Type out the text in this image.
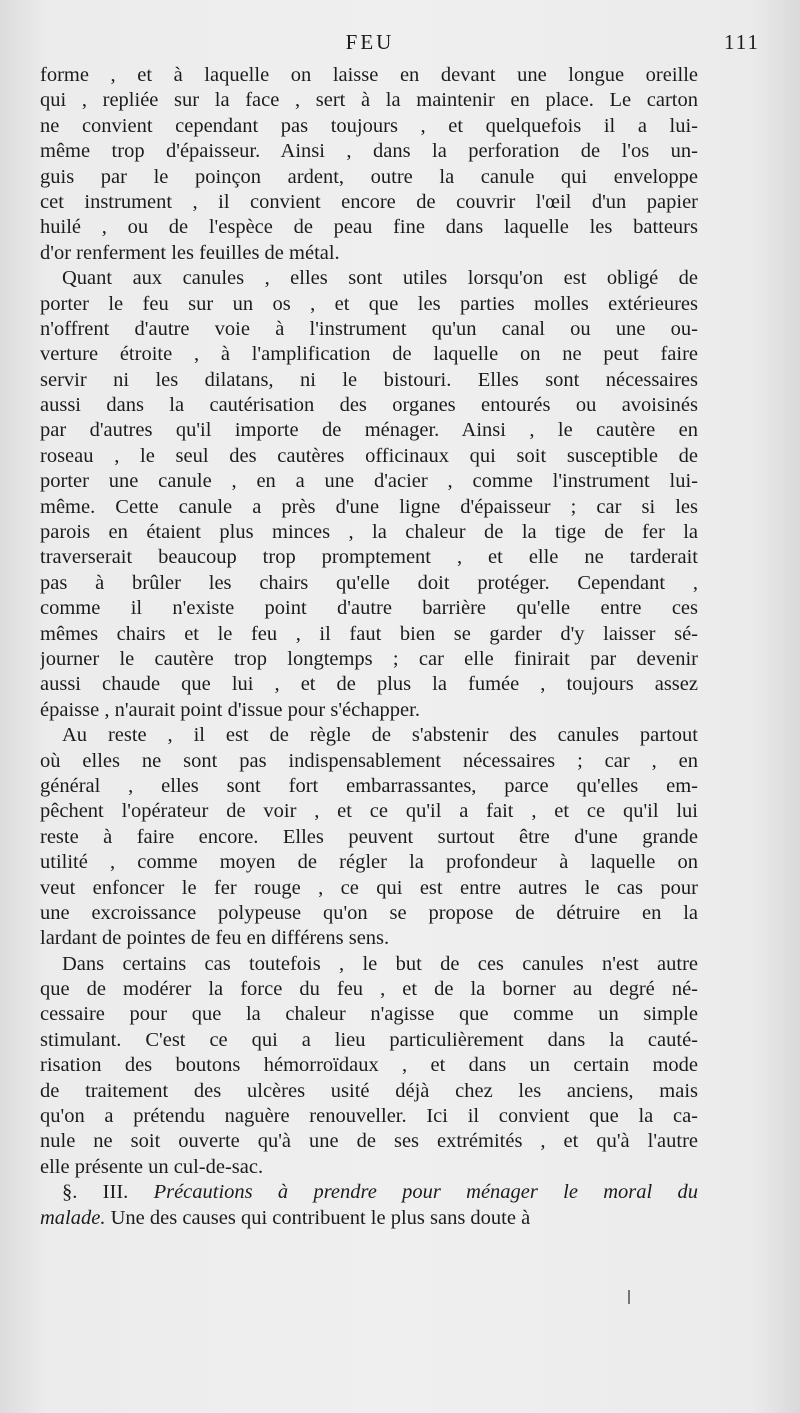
FEU	111
forme , et à laquelle on laisse en devant une longue oreille
qui , repliée sur la face , sert à la maintenir en place. Le carton
ne convient cependant pas toujours , et quelquefois il a lui-
même trop d'épaisseur. Ainsi , dans la perforation de l'os un-
guis par le poinçon ardent, outre la canule qui enveloppe
cet instrument , il convient encore de couvrir l'œil d'un papier
huilé , ou de l'espèce de peau fine dans laquelle les batteurs
d'or renferment les feuilles de métal.
Quant aux canules , elles sont utiles lorsqu'on est obligé de
porter le feu sur un os , et que les parties molles extérieures
n'offrent d'autre voie à l'instrument qu'un canal ou une ou-
verture étroite , à l'amplification de laquelle on ne peut faire
servir ni les dilatans, ni le bistouri. Elles sont nécessaires
aussi dans la cautérisation des organes entourés ou avoisinés
par d'autres qu'il importe de ménager. Ainsi , le cautère en
roseau , le seul des cautères officinaux qui soit susceptible de
porter une canule , en a une d'acier , comme l'instrument lui-
même. Cette canule a près d'une ligne d'épaisseur ; car si les
parois en étaient plus minces , la chaleur de la tige de fer la
traverserait beaucoup trop promptement , et elle ne tarderait
pas à brûler les chairs qu'elle doit protéger. Cependant ,
comme il n'existe point d'autre barrière qu'elle entre ces
mêmes chairs et le feu , il faut bien se garder d'y laisser sé-
journer le cautère trop longtemps ; car elle finirait par devenir
aussi chaude que lui , et de plus la fumée , toujours assez
épaisse , n'aurait point d'issue pour s'échapper.
Au reste , il est de règle de s'abstenir des canules partout
où elles ne sont pas indispensablement nécessaires ; car , en
général , elles sont fort embarrassantes, parce qu'elles em-
pêchent l'opérateur de voir , et ce qu'il a fait , et ce qu'il lui
reste à faire encore. Elles peuvent surtout être d'une grande
utilité , comme moyen de régler la profondeur à laquelle on
veut enfoncer le fer rouge , ce qui est entre autres le cas pour
une excroissance polypeuse qu'on se propose de détruire en la
lardant de pointes de feu en différens sens.
Dans certains cas toutefois , le but de ces canules n'est autre
que de modérer la force du feu , et de la borner au degré né-
cessaire pour que la chaleur n'agisse que comme un simple
stimulant. C'est ce qui a lieu particulièrement dans la cauté-
risation des boutons hémorroïdaux , et dans un certain mode
de traitement des ulcères usité déjà chez les anciens, mais
qu'on a prétendu naguère renouveller. Ici il convient que la ca-
nule ne soit ouverte qu'à une de ses extrémités , et qu'à l'autre
elle présente un cul-de-sac.
§. III. Précautions à prendre pour ménager le moral du
malade. Une des causes qui contribuent le plus sans doute à
